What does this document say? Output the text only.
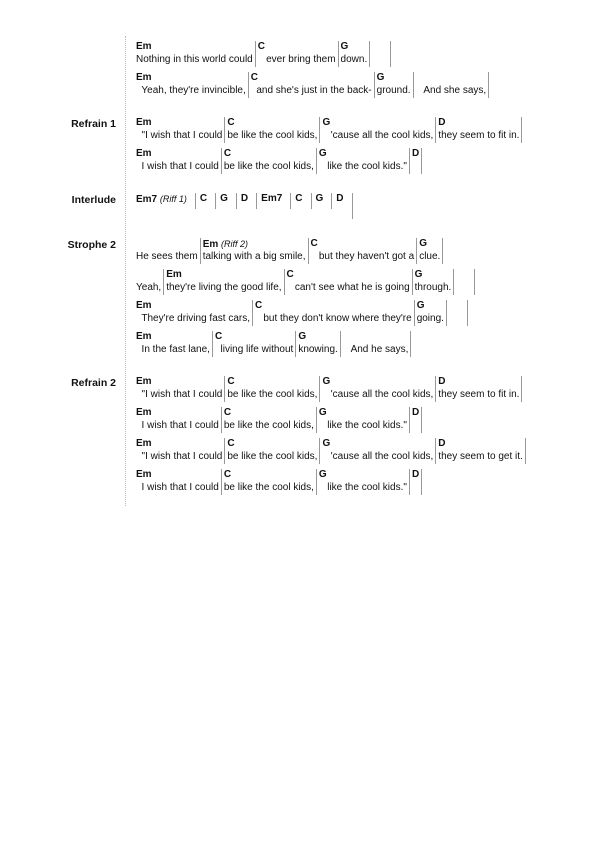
Em
Nothing in this world could
C
ever bring them
G
down.
Em
Yeah, they're invincible,
C
and she's just in the back-
G
ground. And she says,
Refrain 1 Em
"I wish that I could
C
be like the cool kids,
G
'cause all the cool kids,
D
they seem to fit in.
Em
I wish that I could
C
be like the cool kids,
G
like the cool kids."
D
Interlude Em7 (Riff 1) C G D Em7 C G D
Strophe 2
He sees them
Em (Riff 2)
talking with a big smile,
C
but they haven't got a
G
clue.
Yeah,
Em
they're living the good life,
C
can't see what he is going
G
through.
Em
They're driving fast cars,
C
but they don't know where they're
G
going.
Em
In the fast lane,
C
living life without
G
knowing. And he says,
Refrain 2 Em
"I wish that I could
C
be like the cool kids,
G
'cause all the cool kids,
D
they seem to fit in.
Em
I wish that I could
C
be like the cool kids,
G
like the cool kids."
D
Em
"I wish that I could
C
be like the cool kids,
G
'cause all the cool kids,
D
they seem to get it.
Em
I wish that I could
C
be like the cool kids,
G
like the cool kids."
D
